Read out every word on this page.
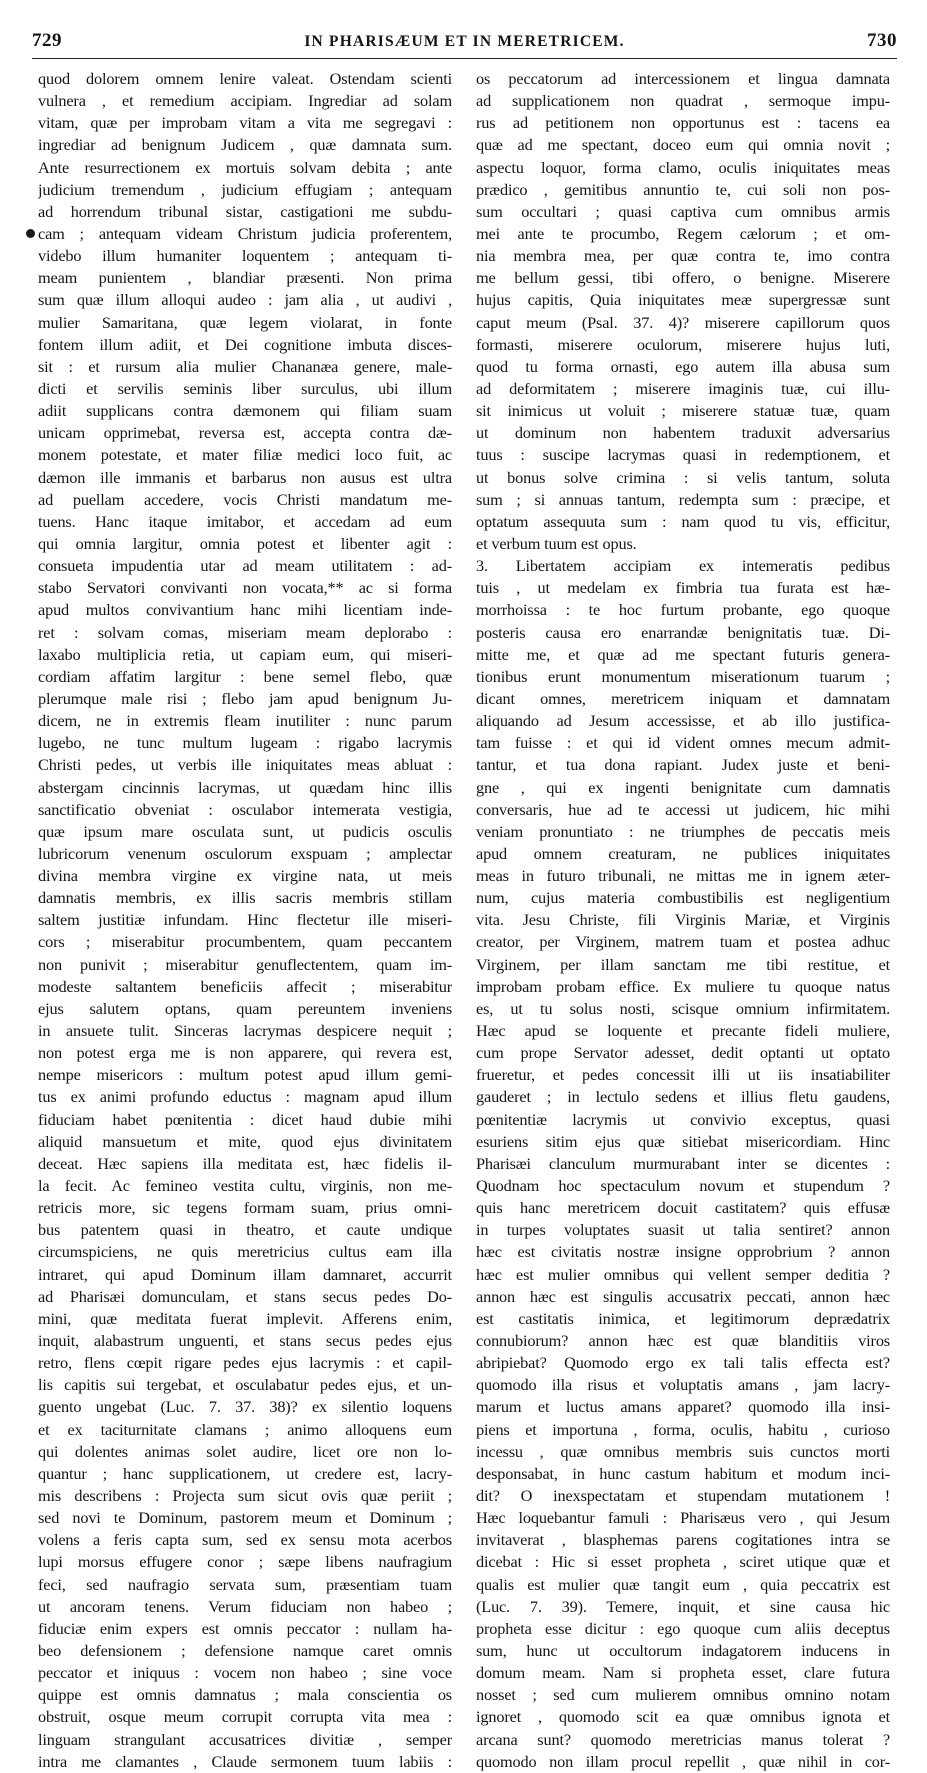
729	IN PHARISÆUM ET IN MERETRICEM.	730
quod dolorem omnem lenire valeat. Ostendam scienti
vulnera , et remedium accipiam. Ingrediar ad solam
vitam, quæ per improbam vitam a vita me segregavi :
ingrediar ad benignum Judicem , quæ damnata sum.
Ante resurrectionem ex mortuis solvam debita ; ante
judicium tremendum , judicium effugiam ; antequam
ad horrendum tribunal sistar, castigationi me subdu-
cam ; antequam videam Christum judicia proferentem,
videbo illum humaniter loquentem ; antequam ti-
meam punientem , blandiar præsenti. Non prima
sum quæ illum alloqui audeo : jam alia , ut audivi ,
mulier Samaritana, quæ legem violarat, in fonte
fontem illum adiit, et Dei cognitione imbuta disces-
sit : et rursum alia mulier Chananæa genere, male-
dicti et servilis seminis liber surculus, ubi illum
adiit supplicans contra dæmonem qui filiam suam
unicam opprimebat, reversa est, accepta contra dæ-
monem potestate, et mater filiæ medici loco fuit, ac
dæmon ille immanis et barbarus non ausus est ultra
ad puellam accedere, vocis Christi mandatum me-
tuens. Hanc itaque imitabor, et accedam ad eum
qui omnia largitur, omnia potest et libenter agit :
consueta impudentia utar ad meam utilitatem : ad-
stabo Servatori convivanti non vocata,** ac si forma
apud multos convivantium hanc mihi licentiam inde-
ret : solvam comas, miseriam meam deplorabo :
laxabo multiplicia retia, ut capiam eum, qui miseri-
cordiam affatim largitur : bene semel flebo, quæ
plerumque male risi ; flebo jam apud benignum Ju-
dicem, ne in extremis fleam inutiliter : nunc parum
lugebo, ne tunc multum lugeam : rigabo lacrymis
Christi pedes, ut verbis ille iniquitates meas abluat :
abstergam cincinnis lacrymas, ut quædam hinc illis
sanctificatio obveniat : osculabor intemerata vestigia,
quæ ipsum mare osculata sunt, ut pudicis osculis
lubricorum venenum osculorum exspuam ; amplectar
divina membra virgine ex virgine nata, ut meis
damnatis membris, ex illis sacris membris stillam
saltem justitiæ infundam. Hinc flectetur ille miseri-
cors ; miserabitur procumbentem, quam peccantem
non punivit ; miserabitur genuflectentem, quam im-
modeste saltantem beneficiis affecit ; miserabitur
ejus salutem optans, quam pereuntem inveniens
in ansuete tulit. Sinceras lacrymas despicere nequit ;
non potest erga me is non apparere, qui revera est,
nempe misericors : multum potest apud illum gemi-
tus ex animi profundo eductus : magnam apud illum
fiduciam habet pœnitentia : dicet haud dubie mihi
aliquid mansuetum et mite, quod ejus divinitatem
deceat. Hæc sapiens illa meditata est, hæc fidelis il-
la fecit. Ac femineo vestita cultu, virginis, non me-
retricis more, sic tegens formam suam, prius omni-
bus patentem quasi in theatro, et caute undique
circumspiciens, ne quis meretricius cultus eam illa
intraret, qui apud Dominum illam damnaret, accurrit
ad Pharisæi domunculam, et stans secus pedes Do-
mini, quæ meditata fuerat implevit. Afferens enim,
inquit, alabastrum unguenti, et stans secus pedes ejus
retro, flens cœpit rigare pedes ejus lacrymis : et capil-
lis capitis sui tergebat, et osculabatur pedes ejus, et un-
guento ungebat (Luc. 7. 37. 38)? ex silentio loquens
et ex taciturnitate clamans ; animo alloquens eum
qui dolentes animas solet audire, licet ore non lo-
quantur ; hanc supplicationem, ut credere est, lacry-
mis describens : Projecta sum sicut ovis quæ periit ;
sed novi te Dominum, pastorem meum et Dominum ;
volens a feris capta sum, sed ex sensu mota acerbos
lupi morsus effugere conor ; sæpe libens naufragium
feci, sed naufragio servata sum, præsentiam tuam
ut ancoram tenens. Verum fiduciam non habeo ;
fiduciæ enim expers est omnis peccator : nullam ha-
beo defensionem ; defensione namque caret omnis
peccator et iniquus : vocem non habeo ; sine voce
quippe est omnis damnatus ; mala conscientia os
obstruit, osque meum corrupit corrupta vita mea :
linguam strangulant accusatrices divitiæ , semper
intra me clamantes , Claude sermonem tuum labiis :
os peccatorum ad intercessionem et lingua damnata
ad supplicationem non quadrat , sermoque impu-
rus ad petitionem non opportunus est : tacens ea
quæ ad me spectant, doceo eum qui omnia novit ;
aspectu loquor, forma clamo, oculis iniquitates meas
prædico , gemitibus annuntio te, cui soli non pos-
sum occultari ; quasi captiva cum omnibus armis
mei ante te procumbo, Regem cælorum ; et om-
nia membra mea, per quæ contra te, imo contra
me bellum gessi, tibi offero, o benigne. Miserere
hujus capitis, Quia iniquitates meæ supergressæ sunt
caput meum (Psal. 37. 4)? miserere capillorum quos
formasti, miserere oculorum, miserere hujus luti,
quod tu forma ornasti, ego autem illa abusa sum
ad deformitatem ; miserere imaginis tuæ, cui illu-
sit inimicus ut voluit ; miserere statuæ tuæ, quam
ut dominum non habentem traduxit adversarius
tuus : suscipe lacrymas quasi in redemptionem, et
ut bonus solve crimina : si velis tantum, soluta
sum ; si annuas tantum, redempta sum : præcipe, et
optatum assequuta sum : nam quod tu vis, efficitur,
et verbum tuum est opus.
3. Libertatem accipiam ex intemeratis pedibus
tuis , ut medelam ex fimbria tua furata est hæ-
morrhoissa : te hoc furtum probante, ego quoque
posteris causa ero enarrandæ benignitatis tuæ. Di-
mitte me, et quæ ad me spectant futuris genera-
tionibus erunt monumentum miserationum tuarum ;
dicant omnes, meretricem iniquam et damnatam
aliquando ad Jesum accessisse, et ab illo justifica-
tam fuisse : et qui id vident omnes mecum admit-
tantur, et tua dona rapiant. Judex juste et beni-
gne , qui ex ingenti benignitate cum damnatis
conversaris, hue ad te accessi ut judicem, hic mihi
veniam pronuntiato : ne triumphes de peccatis meis
apud omnem creaturam, ne publices iniquitates
meas in futuro tribunali, ne mittas me in ignem æter-
num, cujus materia combustibilis est negligentium
vita. Jesu Christe, fili Virginis Mariæ, et Virginis
creator, per Virginem, matrem tuam et postea adhuc
Virginem, per illam sanctam me tibi restitue, et
improbam probam effice. Ex muliere tu quoque natus
es, ut tu solus nosti, scisque omnium infirmitatem.
Hæc apud se loquente et precante fideli muliere,
cum prope Servator adesset, dedit optanti ut optato
frueretur, et pedes concessit illi ut iis insatiabiliter
gauderet ; in lectulo sedens et illius fletu gaudens,
pœnitentiæ lacrymis ut convivio exceptus, quasi
esuriens sitim ejus quæ sitiebat misericordiam. Hinc
Pharisæi clanculum murmurabant inter se dicentes :
Quodnam hoc spectaculum novum et stupendum ?
quis hanc meretricem docuit castitatem? quis effusæ
in turpes voluptates suasit ut talia sentiret? annon
hæc est civitatis nostræ insigne opprobrium ? annon
hæc est mulier omnibus qui vellent semper deditia ?
annon hæc est singulis accusatrix peccati, annon hæc
est castitatis inimica, et legitimorum deprædatrix
connubiorum? annon hæc est quæ blanditiis viros
abripiebat? Quomodo ergo ex tali talis effecta est?
quomodo illa risus et voluptatis amans , jam lacry-
marum et luctus amans apparet? quomodo illa insi-
piens et importuna , forma, oculis, habitu , curioso
incessu , quæ omnibus membris suis cunctos morti
desponsabat, in hunc castum habitum et modum inci-
dit? O inexspectatam et stupendam mutationem !
Hæc loquebantur famuli : Pharisæus vero , qui Jesum
invitaverat , blasphemas parens cogitationes intra se
dicebat : Hic si esset propheta , sciret utique quæ et
qualis est mulier quæ tangit eum , quia peccatrix est
(Luc. 7. 39). Temere, inquit, et sine causa hic
propheta esse dicitur : ego quoque cum aliis deceptus
sum, hunc ut occultorum indagatorem inducens in
domum meam. Nam si propheta esset, clare futura
nosset ; sed cum mulierem omnibus omnino notam
ignoret , quomodo scit ea quæ omnibus ignota et
arcana sunt? quomodo meretricias manus tolerat ?
quomodo non illam procul repellit , quæ nihil in cor-
